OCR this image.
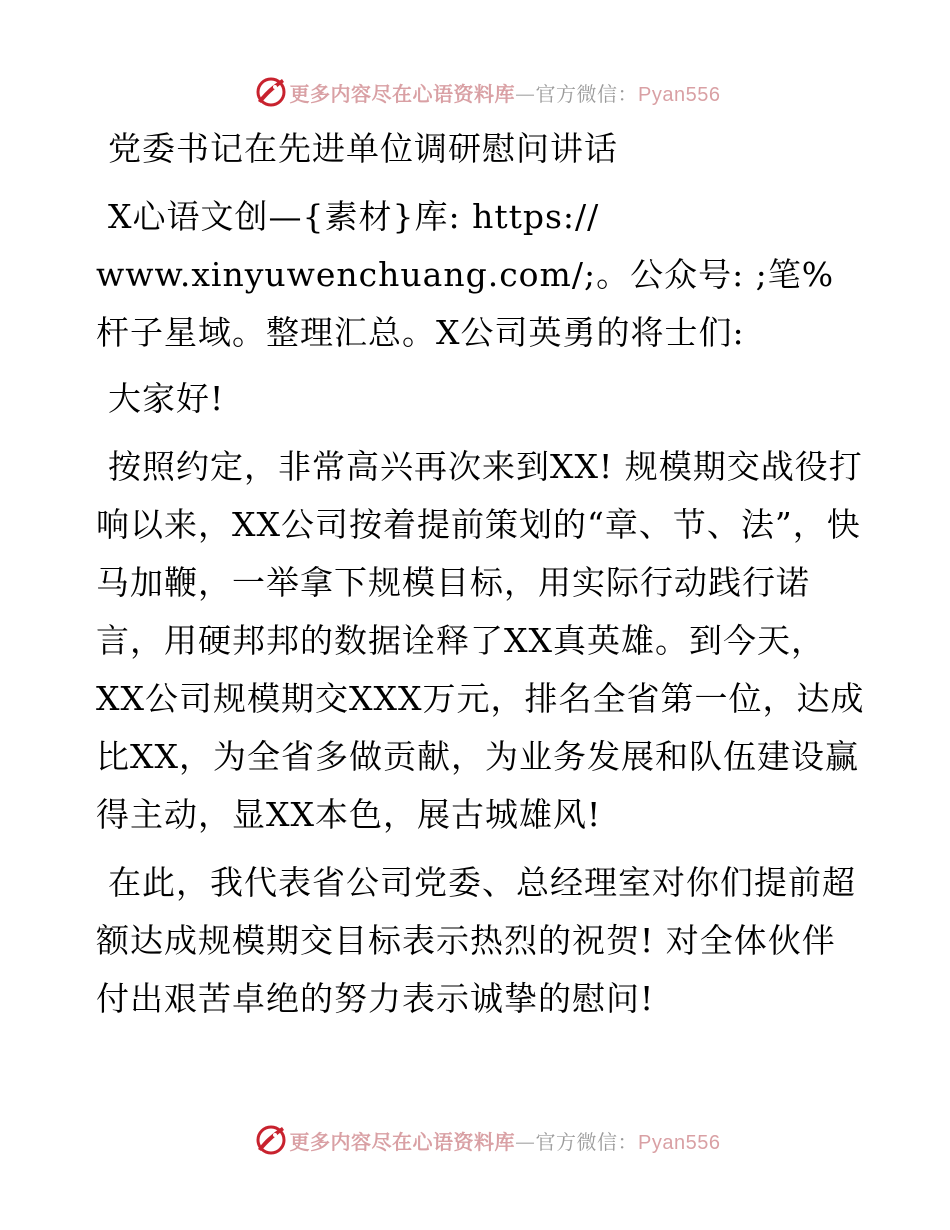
更多内容尽在心语资料库—官方微信：Pyan556

党委书记在先进单位调研慰问讲话

X心语文创—{素材}库: https:// www.xinyuwenchuang.com/;。公众号: ;笔%杆子星域。整理汇总。X公司英勇的将士们:

大家好!

按照约定，非常高兴再次来到XX! 规模期交战役打响以来，XX公司按着提前策划的“章、节、法”，快马加鞭，一举拿下规模目标，用实际行动践行诺言，用硬邦邦的数据诠释了XX真英雄。到今天，XX公司规模期交XXX万元，排名全省第一位，达成比XX，为全省多做贡献，为业务发展和队伍建设赢得主动，显XX本色，展古城雄风!

在此，我代表省公司党委、总经理室对你们提前超额达成规模期交目标表示热烈的祝贺! 对全体伙伴付出艰苦卓绝的努力表示诚挚的慰问!

更多内容尽在心语资料库—官方微信：Pyan556
